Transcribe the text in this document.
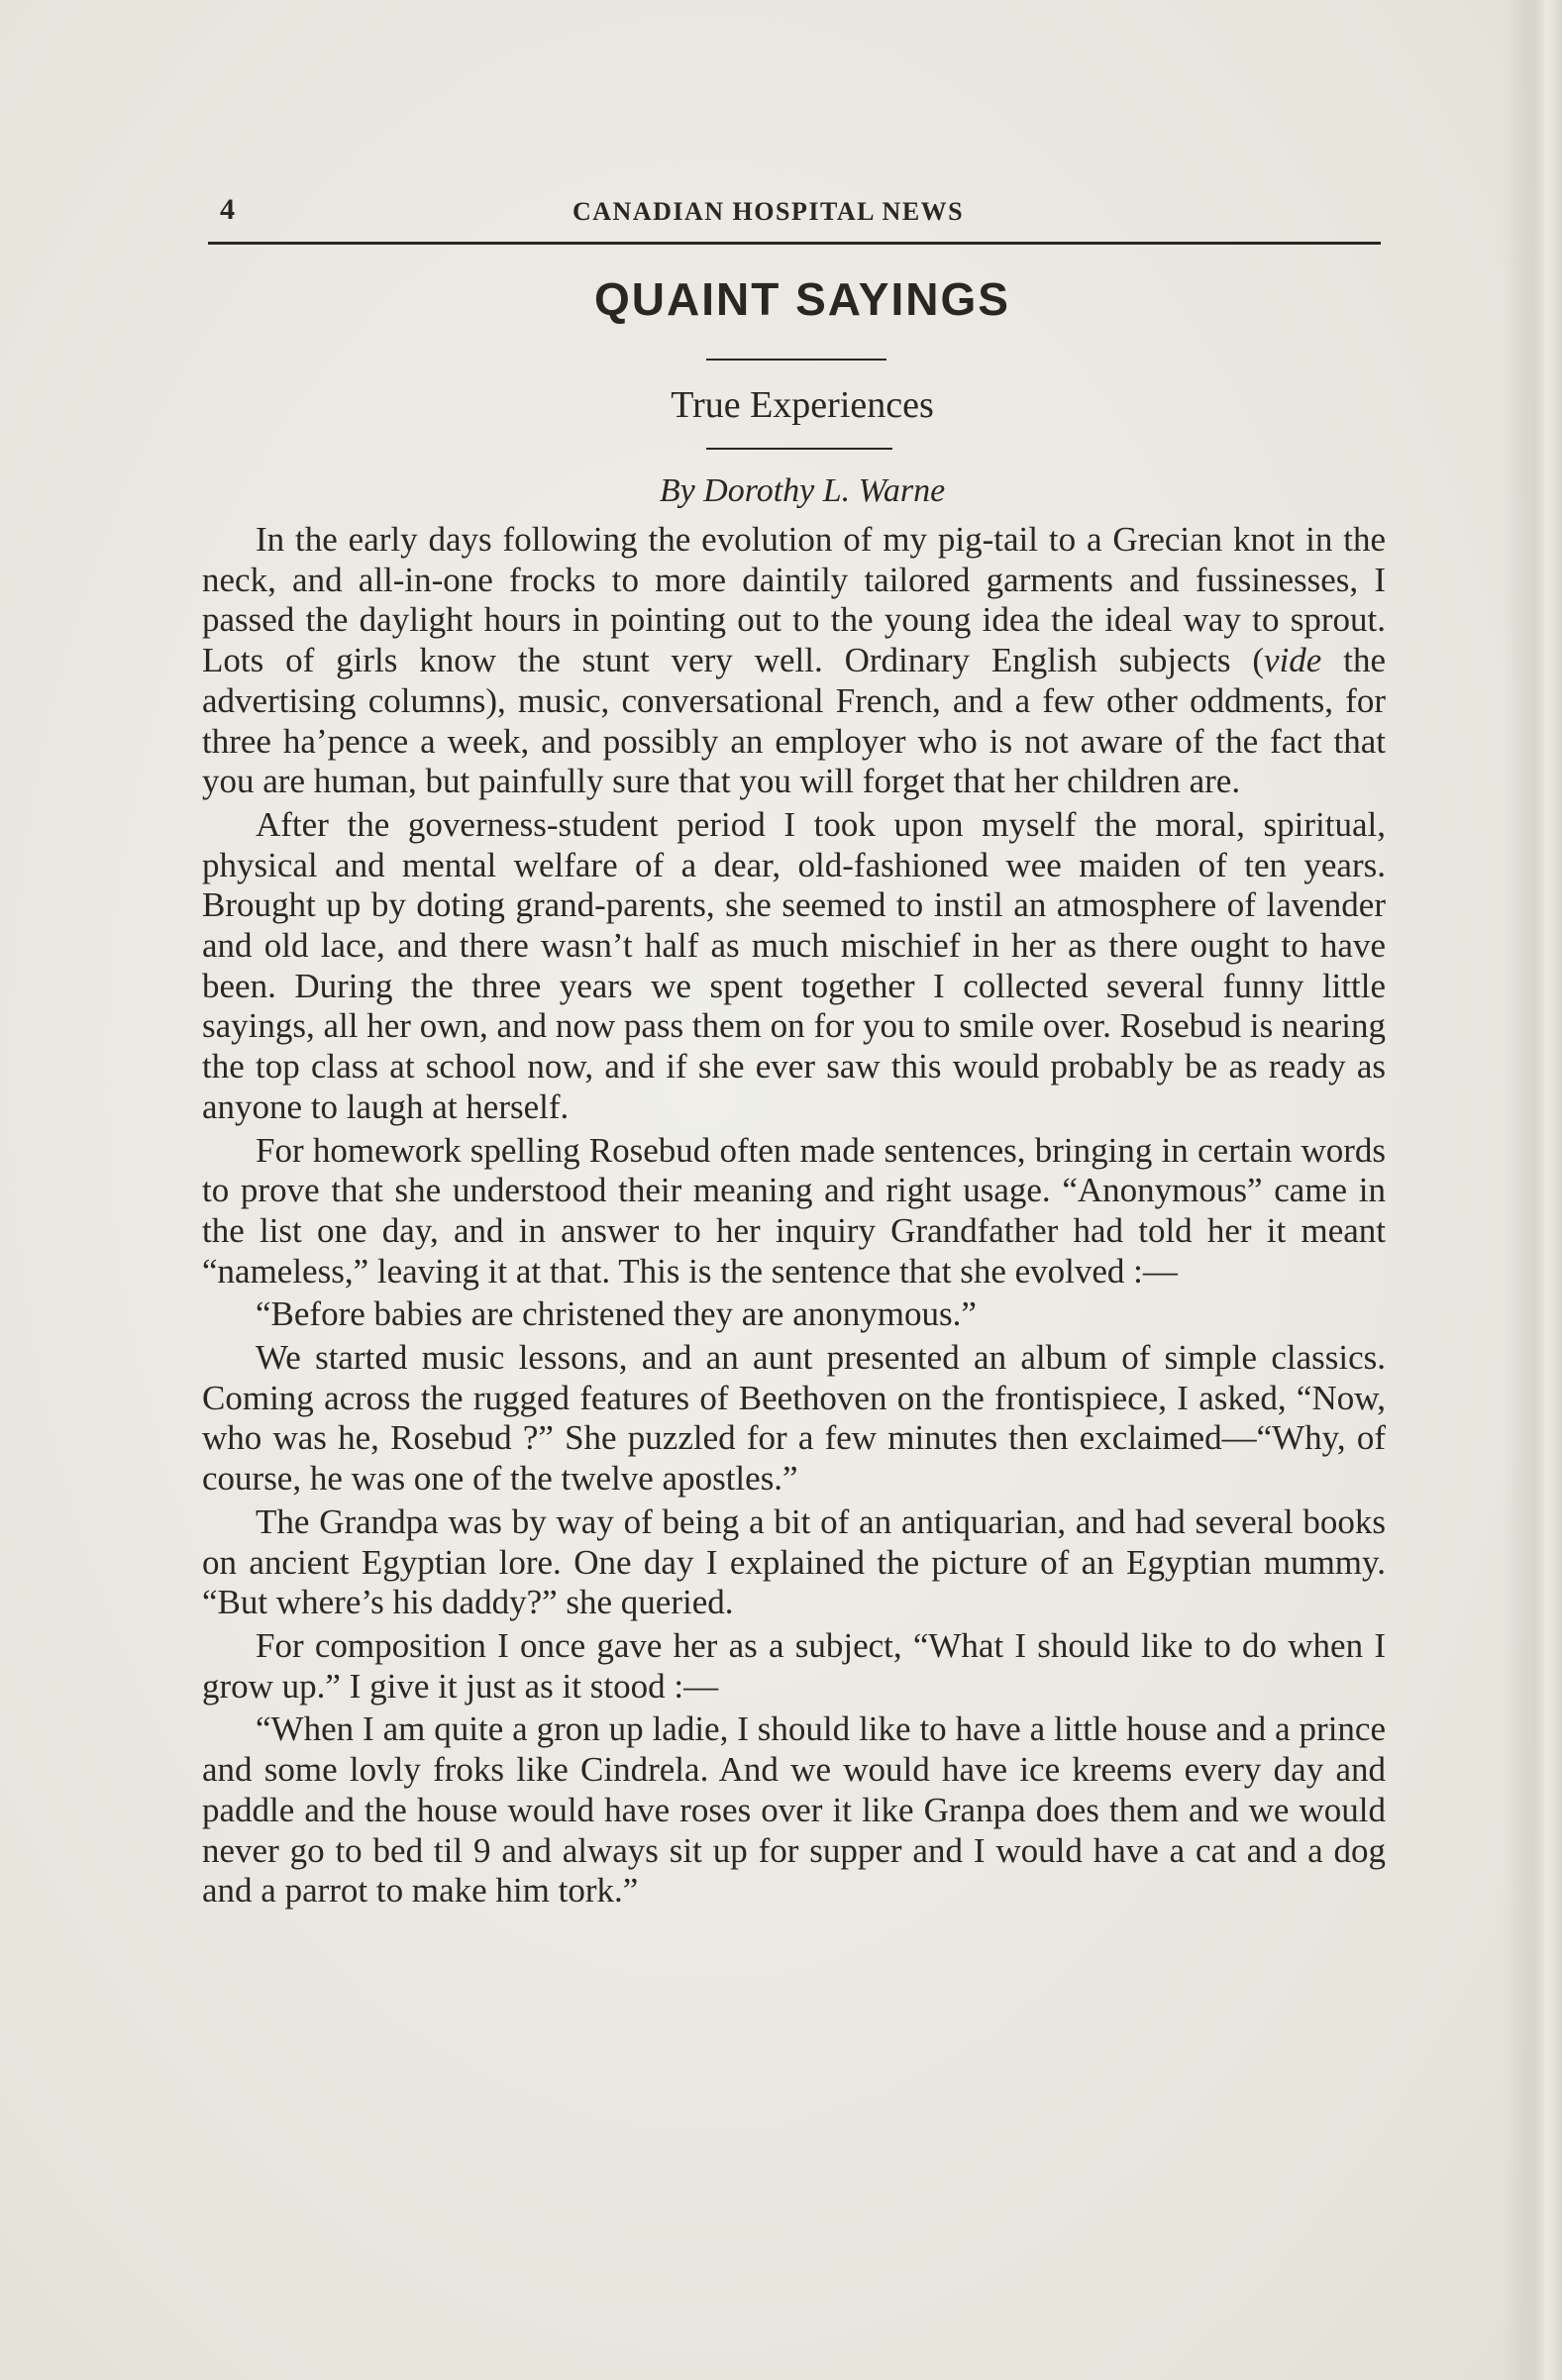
4	CANADIAN HOSPITAL NEWS
QUAINT SAYINGS
True Experiences
By Dorothy L. Warne

In the early days following the evolution of my pig-tail to a Grecian knot in the neck, and all-in-one frocks to more daintily tailored garments and fussinesses, I passed the daylight hours in pointing out to the young idea the ideal way to sprout. Lots of girls know the stunt very well. Ordinary English subjects (vide the advertising columns), music, conversational French, and a few other oddments, for three ha’pence a week, and possibly an employer who is not aware of the fact that you are human, but painfully sure that you will forget that her children are.

After the governess-student period I took upon myself the moral, spiritual, physical and mental welfare of a dear, old-fashioned wee maiden of ten years. Brought up by doting grand-parents, she seemed to instil an atmosphere of lavender and old lace, and there wasn’t half as much mischief in her as there ought to have been. During the three years we spent together I collected several funny little sayings, all her own, and now pass them on for you to smile over. Rosebud is nearing the top class at school now, and if she ever saw this would probably be as ready as anyone to laugh at herself.

For homework spelling Rosebud often made sentences, bringing in certain words to prove that she understood their meaning and right usage. “Anonymous” came in the list one day, and in answer to her inquiry Grandfather had told her it meant “nameless,” leaving it at that. This is the sentence that she evolved :—

“Before babies are christened they are anonymous.”

We started music lessons, and an aunt presented an album of simple classics. Coming across the rugged features of Beethoven on the frontispiece, I asked, “Now, who was he, Rosebud ?” She puzzled for a few minutes then exclaimed—“Why, of course, he was one of the twelve apostles.”

The Grandpa was by way of being a bit of an antiquarian, and had several books on ancient Egyptian lore. One day I explained the picture of an Egyptian mummy. “But where’s his daddy?” she queried.

For composition I once gave her as a subject, “What I should like to do when I grow up.” I give it just as it stood :—

“When I am quite a gron up ladie, I should like to have a little house and a prince and some lovly froks like Cindrela. And we would have ice kreems every day and paddle and the house would have roses over it like Granpa does them and we would never go to bed til 9 and always sit up for supper and I would have a cat and a dog and a parrot to make him tork.”
